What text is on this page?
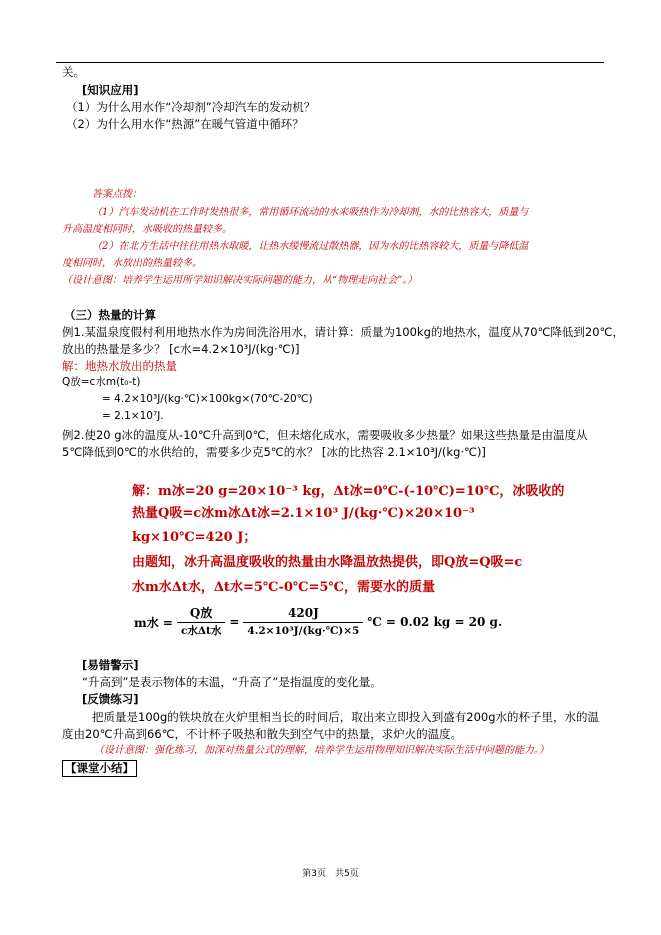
关。
[知识应用]
（1）为什么用水作“冷却剂”冷却汽车的发动机？
（2）为什么用水作“热源”在暖气管道中循环？
答案点拨：
（1）汽车发动机在工作时发热很多，常用循环流动的水来吸热作为冷却剂，水的比热容大，质量与
升高温度相同时，水吸收的热量较多。
（2）在北方生活中往往用热水取暖，让热水缓慢流过散热器，因为水的比热容较大，质量与降低温
度相同时，水放出的热量较多。
（设计意图：培养学生运用所学知识解决实际问题的能力，从“物理走向社会”。）
（三）热量的计算
例1.某温泉度假村利用地热水作为房间洗浴用水，请计算：质量为100kg的地热水，温度从70℃降低到20℃，
放出的热量是多少？ [c水=4.2×10³J/(kg·℃)]
解：地热水放出的热量
Q放=c水m(t₀-t)
= 4.2×10³J/(kg·℃)×100kg×(70℃-20℃)
= 2.1×10⁷J.
例2.使20 g冰的温度从-10℃升高到0℃，但未熔化成水，需要吸收多少热量？如果这些热量是由温度从
5℃降低到0℃的水供给的，需要多少克5℃的水？ [冰的比热容 2.1×10³J/(kg·℃)]
解：m冰=20 g=20×10⁻³ kg，Δt冰=0℃-(-10℃)=10℃，冰吸收的
热量Q吸=c冰m冰Δt冰=2.1×10³ J/(kg·℃)×20×10⁻³
kg×10℃=420 J；
由题知，冰升高温度吸收的热量由水降温放热提供，即Q放=Q吸=c
水m水Δt水，Δt水=5℃-0℃=5℃，需要水的质量
m水 = $\frac{\text{Q放}}{\text{c水Δt水}} = \frac{420J}{\text{4.2×10³J/(kg·℃)×5}}$ ℃ = 0.02 kg = 20 g.
[易错警示]
“升高到”是表示物体的末温，“升高了”是指温度的变化量。
[反馈练习]
把质量是100g的铁块放在火炉里相当长的时间后，取出来立即投入到盛有200g水的杯子里，水的温
度由20℃升高到66℃，不计杯子吸热和散失到空气中的热量，求炉火的温度。
（设计意图：强化练习，加深对热量公式的理解，培养学生运用物理知识解决实际生活中问题的能力。）
【课堂小结】
第3页　共5页
